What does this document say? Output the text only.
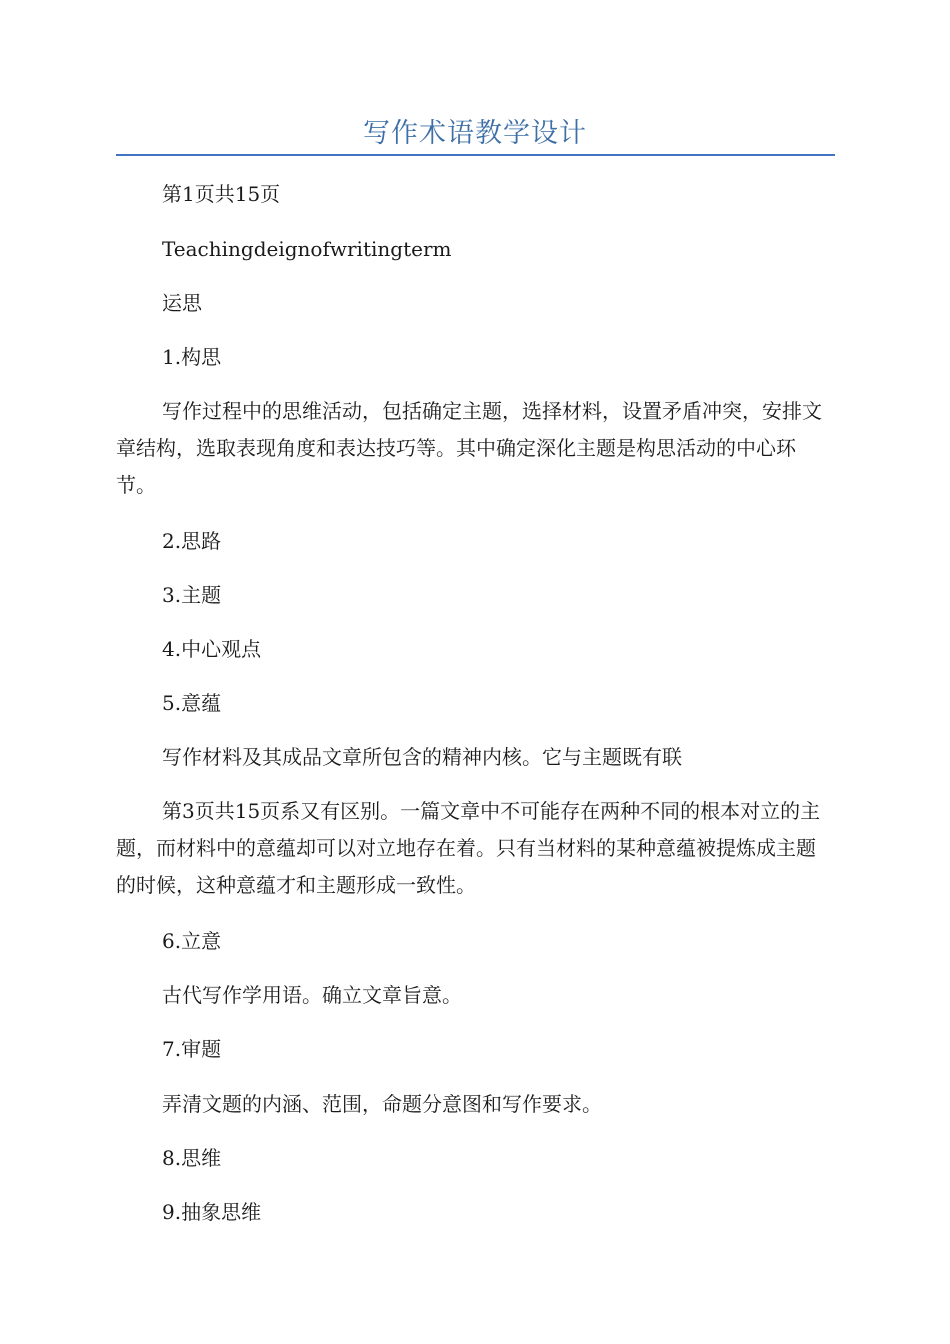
写作术语教学设计

第1页共15页

Teachingdeignofwritingterm

运思

1.构思

写作过程中的思维活动，包括确定主题，选择材料，设置矛盾冲突，安排文章结构，选取表现角度和表达技巧等。其中确定深化主题是构思活动的中心环节。

2.思路

3.主题

4.中心观点

5.意蕴

写作材料及其成品文章所包含的精神内核。它与主题既有联

第3页共15页系又有区别。一篇文章中不可能存在两种不同的根本对立的主题，而材料中的意蕴却可以对立地存在着。只有当材料的某种意蕴被提炼成主题的时候，这种意蕴才和主题形成一致性。

6.立意

古代写作学用语。确立文章旨意。

7.审题

弄清文题的内涵、范围，命题分意图和写作要求。

8.思维

9.抽象思维
